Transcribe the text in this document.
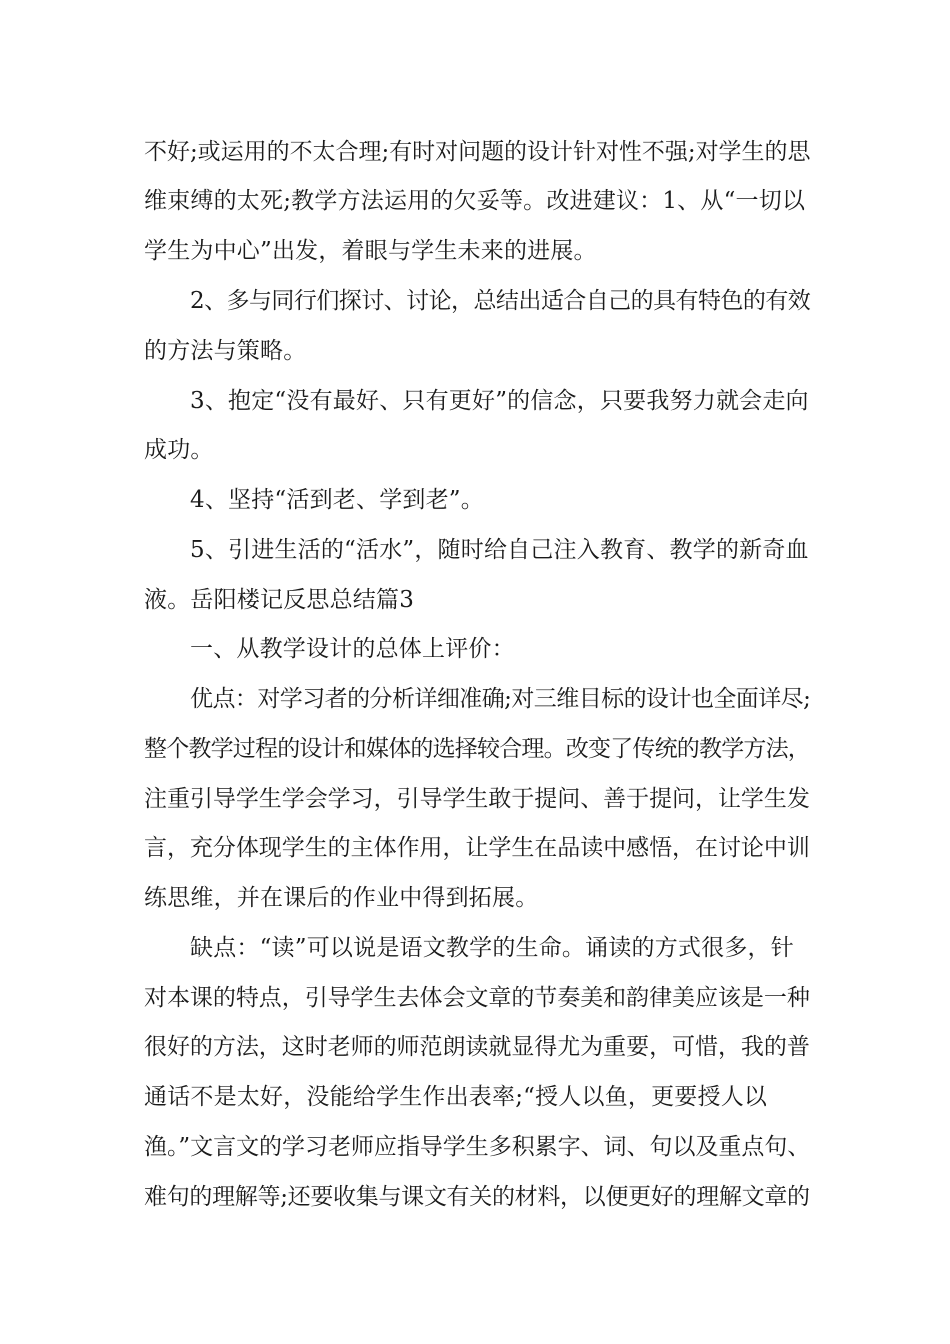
不好;或运用的不太合理;有时对问题的设计针对性不强;对学生的思
维束缚的太死;教学方法运用的欠妥等。改进建议：1、从“一切以
学生为中心”出发，着眼与学生未来的进展。
2、多与同行们探讨、讨论，总结出适合自己的具有特色的有效
的方法与策略。
3、抱定“没有最好、只有更好”的信念，只要我努力就会走向
成功。
4、坚持“活到老、学到老”。
5、引进生活的“活水”，随时给自己注入教育、教学的新奇血
液。岳阳楼记反思总结篇3
一、从教学设计的总体上评价：
优点：对学习者的分析详细准确;对三维目标的设计也全面详尽;
整个教学过程的设计和媒体的选择较合理。改变了传统的教学方法，
注重引导学生学会学习，引导学生敢于提问、善于提问，让学生发
言，充分体现学生的主体作用，让学生在品读中感悟，在讨论中训
练思维，并在课后的作业中得到拓展。
缺点：“读”可以说是语文教学的生命。诵读的方式很多，针
对本课的特点，引导学生去体会文章的节奏美和韵律美应该是一种
很好的方法，这时老师的师范朗读就显得尤为重要，可惜，我的普
通话不是太好，没能给学生作出表率;“授人以鱼，更要授人以
渔。”文言文的学习老师应指导学生多积累字、词、句以及重点句、
难句的理解等;还要收集与课文有关的材料，以便更好的理解文章的
